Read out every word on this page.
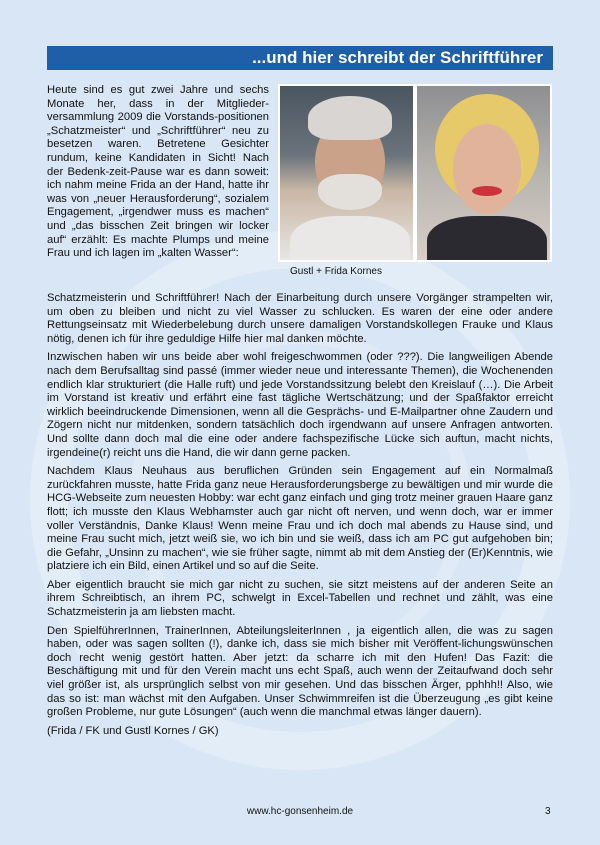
...und hier schreibt der Schriftführer
Gustl + Frida Kornes
Heute sind es gut zwei Jahre und sechs Monate her, dass in der Mitglieder-versammlung 2009 die Vorstands-positionen „Schatzmeister“ und „Schriftführer“ neu zu besetzen waren. Betretene Gesichter rundum, keine Kandidaten in Sicht! Nach der Bedenk-zeit-Pause war es dann soweit: ich nahm meine Frida an der Hand, hatte ihr was von „neuer Herausforderung“, sozialem Engagement, „irgendwer muss es machen“ und „das bisschen Zeit bringen wir locker auf“ erzählt: Es machte Plumps und meine Frau und ich lagen im „kalten Wasser“:

Schatzmeisterin und Schriftführer! Nach der Einarbeitung durch unsere Vorgänger strampelten wir, um oben zu bleiben und nicht zu viel Wasser zu schlucken. Es waren der eine oder andere Rettungseinsatz mit Wiederbelebung durch unsere damaligen Vorstandskollegen Frauke und Klaus nötig, denen ich für ihre geduldige Hilfe hier mal danken möchte.

Inzwischen haben wir uns beide aber wohl freigeschwommen (oder ???). Die langweiligen Abende nach dem Berufsalltag sind passé (immer wieder neue und interessante Themen), die Wochenenden endlich klar strukturiert (die Halle ruft) und jede Vorstandssitzung belebt den Kreislauf (…). Die Arbeit im Vorstand ist kreativ und erfährt eine fast tägliche Wertschätzung; und der Spaßfaktor erreicht wirklich beeindruckende Dimensionen, wenn all die Gesprächs- und E-Mailpartner ohne Zaudern und Zögern nicht nur mitdenken, sondern tatsächlich doch irgendwann auf unsere Anfragen antworten. Und sollte dann doch mal die eine oder andere fachspezifische Lücke sich auftun, macht nichts, irgendeine(r) reicht uns die Hand, die wir dann gerne packen.

Nachdem Klaus Neuhaus aus beruflichen Gründen sein Engagement auf ein Normalmaß zurückfahren musste, hatte Frida ganz neue Herausforderungsberge zu bewältigen und mir wurde die HCG-Webseite zum neuesten Hobby: war echt ganz einfach und ging trotz meiner grauen Haare ganz flott; ich musste den Klaus Webhamster auch gar nicht oft nerven, und wenn doch, war er immer voller Verständnis, Danke Klaus! Wenn meine Frau und ich doch mal abends zu Hause sind, und meine Frau sucht mich, jetzt weiß sie, wo ich bin und sie weiß, dass ich am PC gut aufgehoben bin; die Gefahr, „Unsinn zu machen“, wie sie früher sagte, nimmt ab mit dem Anstieg der (Er)Kenntnis, wie platziere ich ein Bild, einen Artikel und so auf die Seite.

Aber eigentlich braucht sie mich gar nicht zu suchen, sie sitzt meistens auf der anderen Seite an ihrem Schreibtisch, an ihrem PC, schwelgt in Excel-Tabellen und rechnet und zählt, was eine Schatzmeisterin ja am liebsten macht.

Den SpielführerInnen, TrainerInnen, AbteilungsleiterInnen , ja eigentlich allen, die was zu sagen haben, oder was sagen sollten (!), danke ich, dass sie mich bisher mit Veröffent-lichungswünschen doch recht wenig gestört hatten. Aber jetzt: da scharre ich mit den Hufen! Das Fazit: die Beschäftigung mit und für den Verein macht uns echt Spaß, auch wenn der Zeitaufwand doch sehr viel größer ist, als ursprünglich selbst von mir gesehen. Und das bisschen Ärger, pphhh!! Also, wie das so ist: man wächst mit den Aufgaben. Unser Schwimmreifen ist die Überzeugung „es gibt keine großen Probleme, nur gute Lösungen“ (auch wenn die manchmal etwas länger dauern).

(Frida / FK und Gustl Kornes / GK)

www.hc-gonsenheim.de	3
